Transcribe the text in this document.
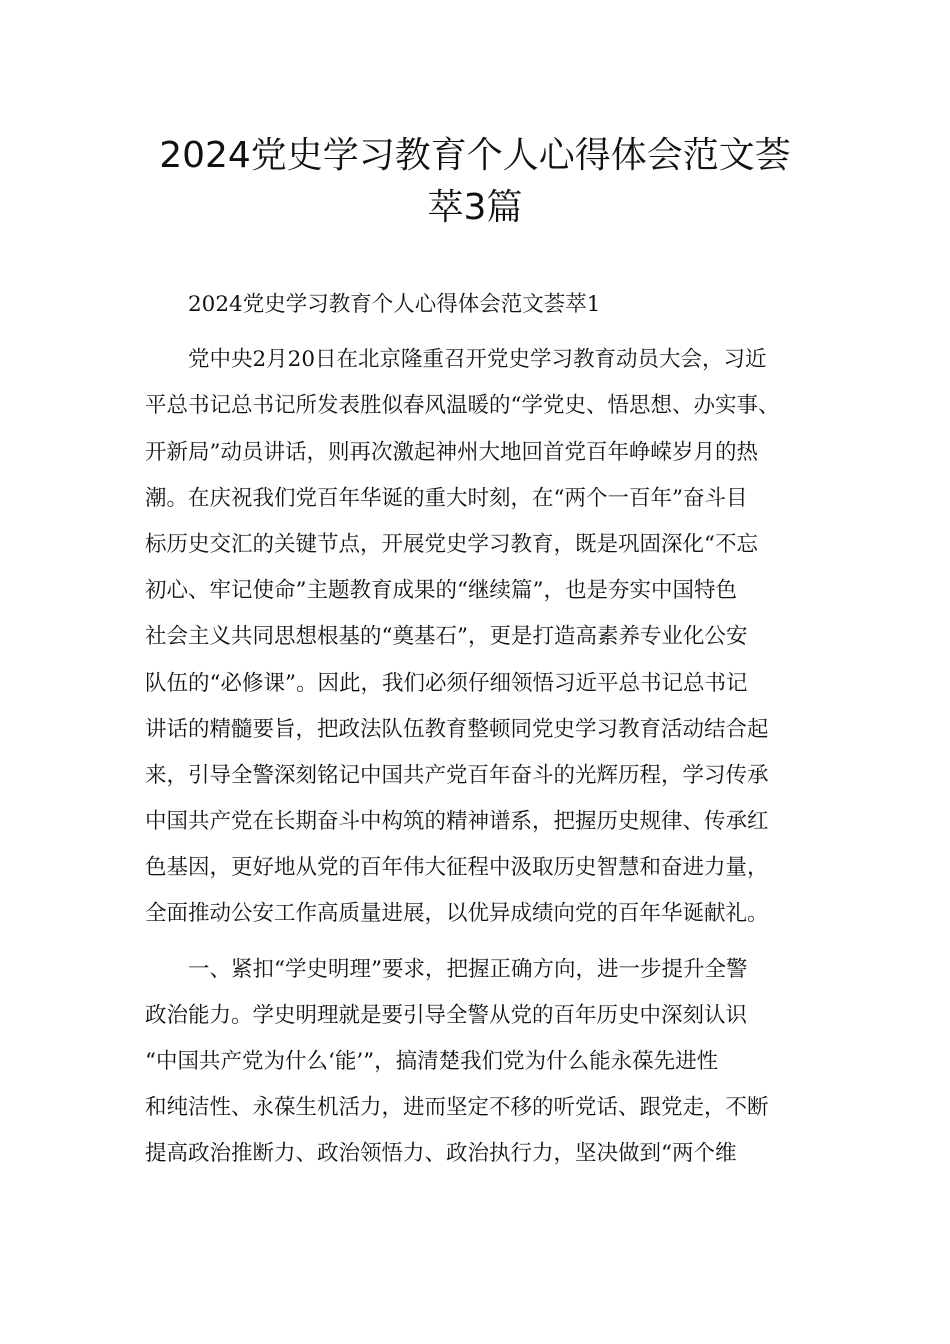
2024党史学习教育个人心得体会范文荟
萃3篇
2024党史学习教育个人心得体会范文荟萃1
党中央2月20日在北京隆重召开党史学习教育动员大会，习近
平总书记总书记所发表胜似春风温暖的“学党史、悟思想、办实事、
开新局”动员讲话，则再次激起神州大地回首党百年峥嵘岁月的热
潮。在庆祝我们党百年华诞的重大时刻，在“两个一百年”奋斗目
标历史交汇的关键节点，开展党史学习教育，既是巩固深化“不忘
初心、牢记使命”主题教育成果的“继续篇”，也是夯实中国特色
社会主义共同思想根基的“奠基石”，更是打造高素养专业化公安
队伍的“必修课”。因此，我们必须仔细领悟习近平总书记总书记
讲话的精髓要旨，把政法队伍教育整顿同党史学习教育活动结合起
来，引导全警深刻铭记中国共产党百年奋斗的光辉历程，学习传承
中国共产党在长期奋斗中构筑的精神谱系，把握历史规律、传承红
色基因，更好地从党的百年伟大征程中汲取历史智慧和奋进力量，
全面推动公安工作高质量进展，以优异成绩向党的百年华诞献礼。
一、紧扣“学史明理”要求，把握正确方向，进一步提升全警
政治能力。学史明理就是要引导全警从党的百年历史中深刻认识
“中国共产党为什么‘能’”，搞清楚我们党为什么能永葆先进性
和纯洁性、永葆生机活力，进而坚定不移的听党话、跟党走，不断
提高政治推断力、政治领悟力、政治执行力，坚决做到“两个维
